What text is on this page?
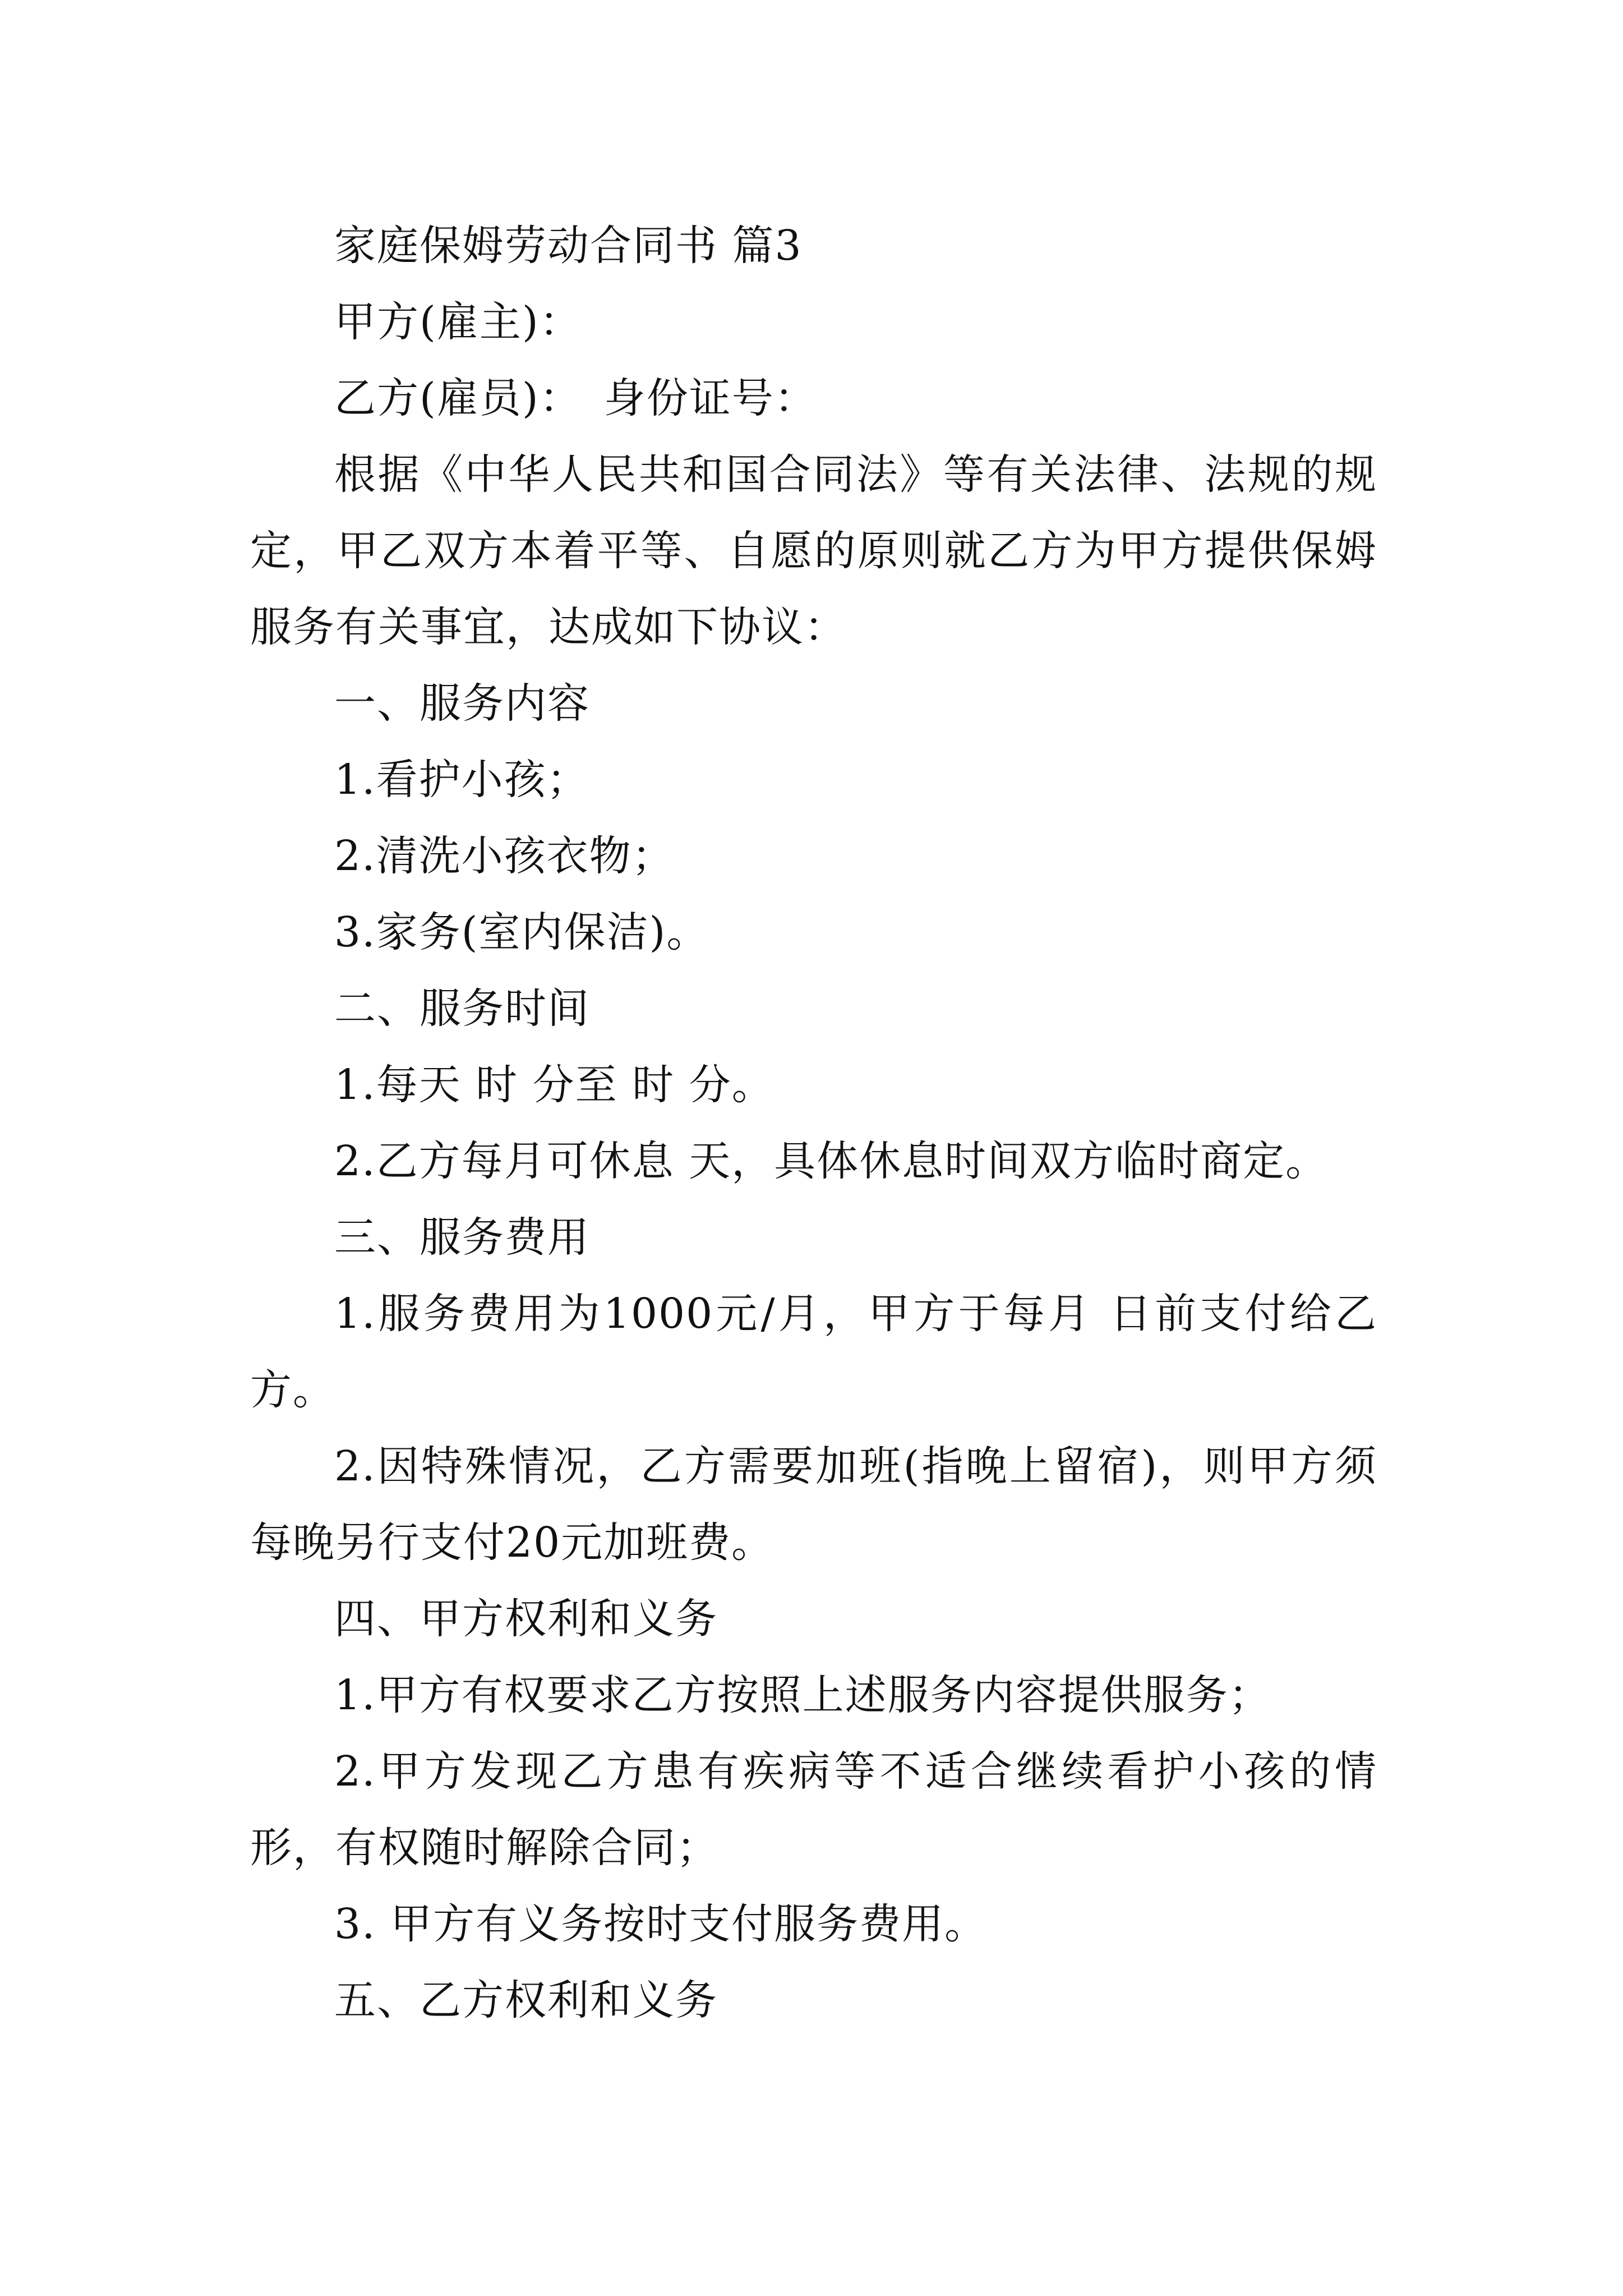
家庭保姆劳动合同书 篇3

甲方(雇主)：

乙方(雇员)：　身份证号：

根据《中华人民共和国合同法》等有关法律、法规的规定，甲乙双方本着平等、自愿的原则就乙方为甲方提供保姆服务有关事宜，达成如下协议：

一、服务内容

1.看护小孩；

2.清洗小孩衣物；

3.家务(室内保洁)。

二、服务时间

1.每天 时 分至 时 分。

2.乙方每月可休息 天，具体休息时间双方临时商定。

三、服务费用

1.服务费用为1000元/月，甲方于每月 日前支付给乙方。

2.因特殊情况，乙方需要加班(指晚上留宿)，则甲方须每晚另行支付20元加班费。

四、甲方权利和义务

1.甲方有权要求乙方按照上述服务内容提供服务；

2.甲方发现乙方患有疾病等不适合继续看护小孩的情形，有权随时解除合同；

3. 甲方有义务按时支付服务费用。

五、乙方权利和义务
